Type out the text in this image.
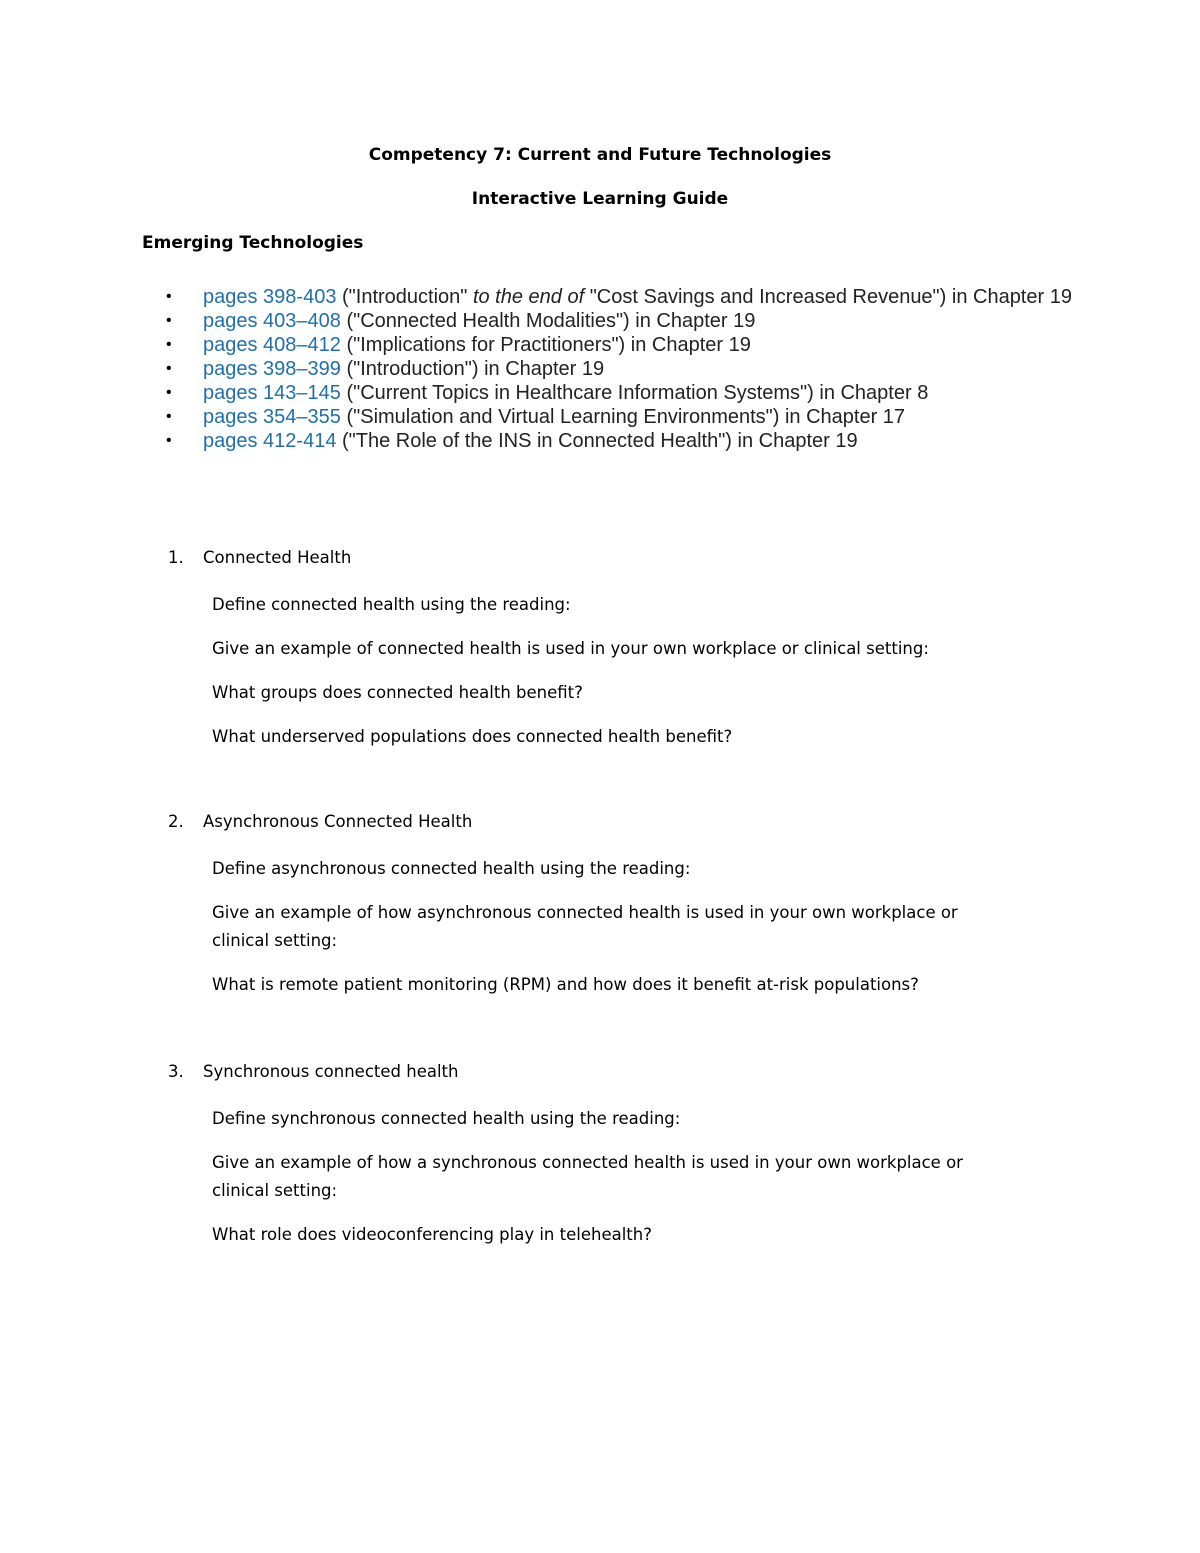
Competency 7: Current and Future Technologies
Interactive Learning Guide
Emerging Technologies
• pages 398-403 ("Introduction" to the end of "Cost Savings and Increased Revenue") in Chapter 19
• pages 403–408 ("Connected Health Modalities") in Chapter 19
• pages 408–412 ("Implications for Practitioners") in Chapter 19
• pages 398–399 ("Introduction") in Chapter 19
• pages 143–145 ("Current Topics in Healthcare Information Systems") in Chapter 8
• pages 354–355 ("Simulation and Virtual Learning Environments") in Chapter 17
• pages 412-414 ("The Role of the INS in Connected Health") in Chapter 19
1. Connected Health

Define connected health using the reading:

Give an example of connected health is used in your own workplace or clinical setting:

What groups does connected health benefit?

What underserved populations does connected health benefit?

2. Asynchronous Connected Health

Define asynchronous connected health using the reading:

Give an example of how asynchronous connected health is used in your own workplace or clinical setting:

What is remote patient monitoring (RPM) and how does it benefit at-risk populations?

3. Synchronous connected health

Define synchronous connected health using the reading:

Give an example of how a synchronous connected health is used in your own workplace or clinical setting:

What role does videoconferencing play in telehealth?
